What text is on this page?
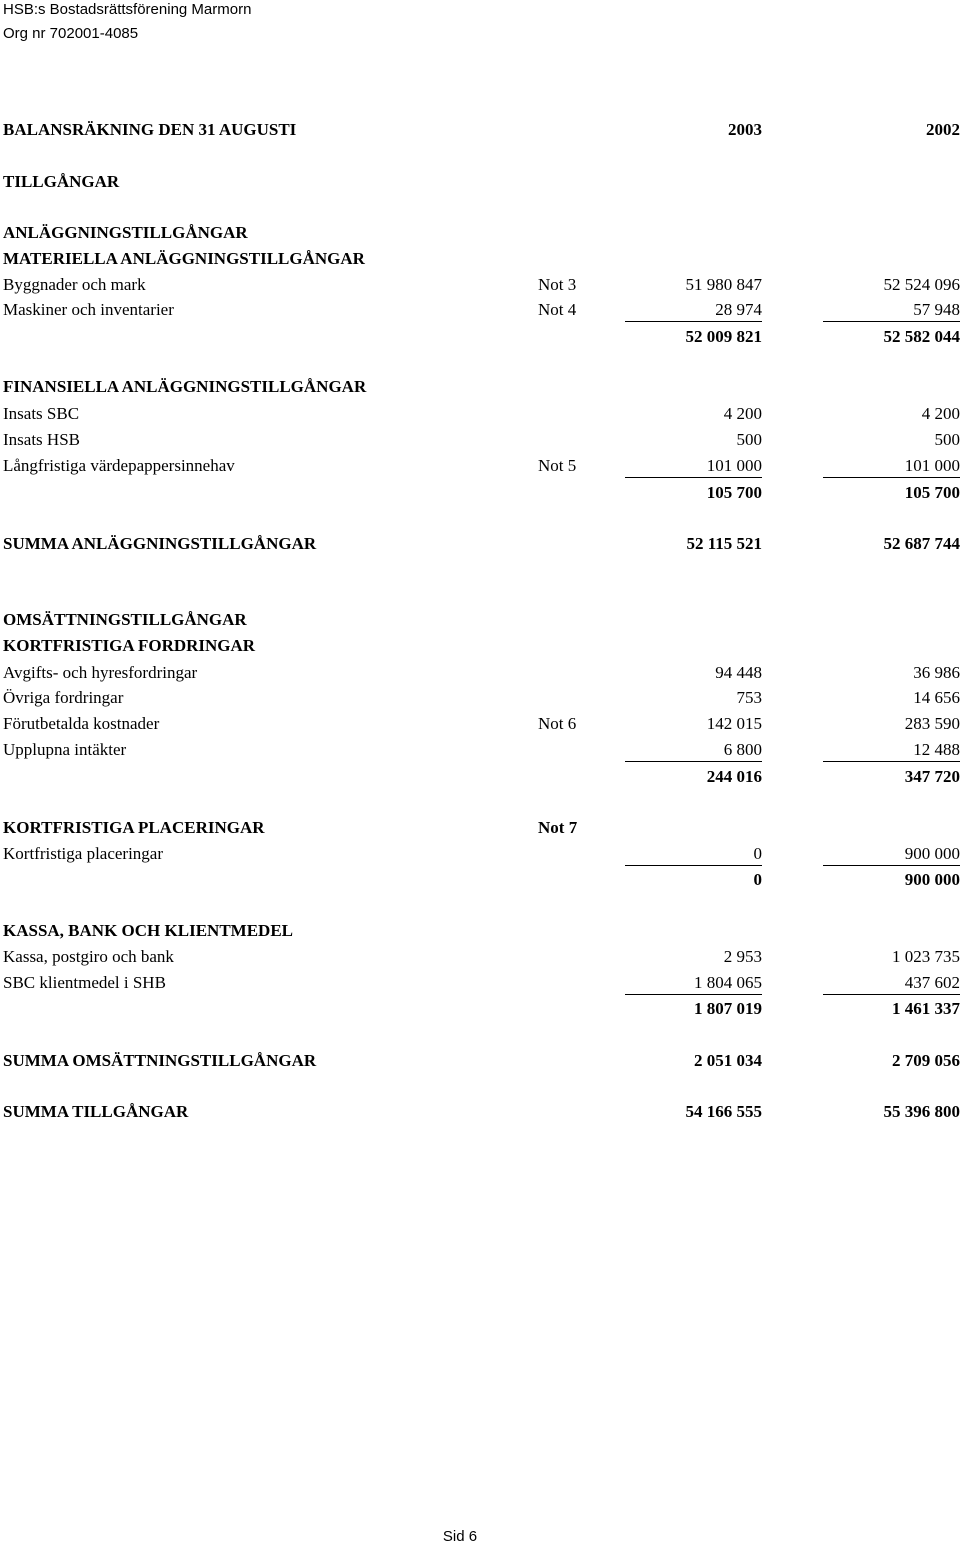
HSB:s Bostadsrättsförening Marmorn
Org nr 702001-4085
BALANSRÄKNING DEN 31 AUGUSTI	2003	2002
TILLGÅNGAR
ANLÄGGNINGSTILLGÅNGAR
MATERIELLA ANLÄGGNINGSTILLGÅNGAR
Byggnader och mark	Not 3	51 980 847	52 524 096
Maskiner och inventarier	Not 4	28 974	57 948
52 009 821	52 582 044
FINANSIELLA ANLÄGGNINGSTILLGÅNGAR
Insats SBC	4 200	4 200
Insats HSB	500	500
Långfristiga värdepappersinnehav	Not 5	101 000	101 000
105 700	105 700
SUMMA ANLÄGGNINGSTILLGÅNGAR	52 115 521	52 687 744
OMSÄTTNINGSTILLGÅNGAR
KORTFRISTIGA FORDRINGAR
Avgifts- och hyresfordringar	94 448	36 986
Övriga fordringar	753	14 656
Förutbetalda kostnader	Not 6	142 015	283 590
Upplupna intäkter	6 800	12 488
244 016	347 720
KORTFRISTIGA PLACERINGAR	Not 7
Kortfristiga placeringar	0	900 000
0	900 000
KASSA, BANK OCH KLIENTMEDEL
Kassa, postgiro och bank	2 953	1 023 735
SBC klientmedel i SHB	1 804 065	437 602
1 807 019	1 461 337
SUMMA OMSÄTTNINGSTILLGÅNGAR	2 051 034	2 709 056
SUMMA TILLGÅNGAR	54 166 555	55 396 800
Sid 6
